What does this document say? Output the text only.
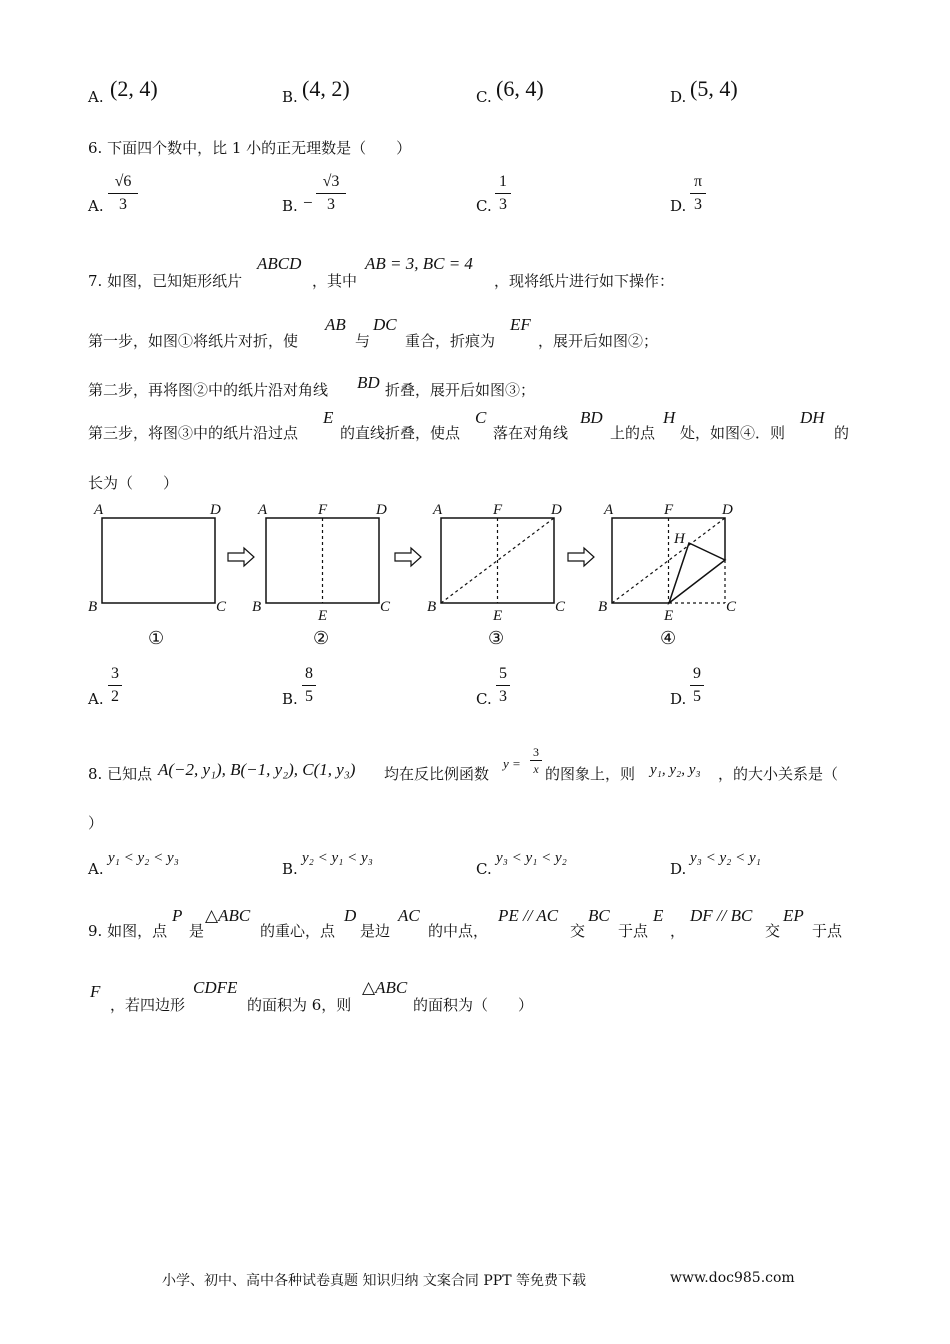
A. (2, 4)	B. (4, 2)	C. (6, 4)	D. (5, 4)
6. 下面四个数中，比 1 小的正无理数是（　　）
A.
√6
3	B. −
√3
3	C.
1
3	D.
π
3
7. 如图，已知矩形纸片
ABCD
，其中
AB = 3, BC = 4
，现将纸片进行如下操作：
第一步，如图①将纸片对折，使
AB
与
DC
重合，折痕为
EF
，展开后如图②；
第二步，再将图②中的纸片沿对角线 BD 折叠，展开后如图③；
第三步，将图③中的纸片沿过点
E
的直线折叠，使点
C
落在对角线
BD
上的点
H
处，如图④．则
DH
的
长为（　　）
A	D
B	C
①
A	F	D
B
E
C
②
A	F	D
B
E
C
③
A	F	D
H
B
E
C
④
A.
3
2	B.
8
5	C.
5
3	D.
9
5
8. 已知点 A(−2, y₁), B(−1, y₂), C(1, y₃) 均在反比例函数
y =
3
x 的图象上，则 y₁, y₂, y₃ ，的大小关系是（
）
A.
y₁ < y₂ < y₃
B.
y₂ < y₁ < y₃
C.
y₃ < y₁ < y₂
D.
y₃ < y₂ < y₁
9. 如图，点
P
是
△ABC
的重心，点
D
是边
AC
的中点，
PE // AC
交
BC
于点
E
，
DF // BC
交
EP
于点
F
，若四边形
CDFE
的面积为 6，则
△ABC
的面积为（　　）
小学、初中、高中各种试卷真题 知识归纳 文案合同 PPT 等免费下载	www.doc985.com
